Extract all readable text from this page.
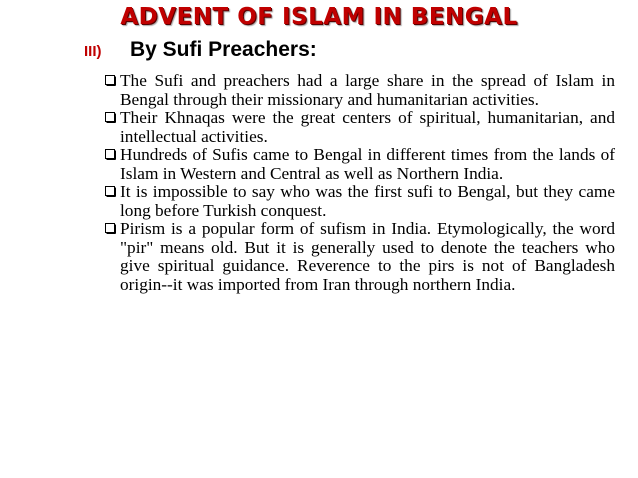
ADVENT OF ISLAM IN BENGAL
III)	By Sufi Preachers:
The Sufi and preachers had a large share in the spread of Islam in Bengal through their missionary and humanitarian activities.
Their Khnaqas were the great centers of spiritual, humanitarian, and intellectual activities.
Hundreds of Sufis came to Bengal in different times from the lands of Islam in Western and Central as well as Northern India.
It is impossible to say who was the first sufi to Bengal, but they came long before Turkish conquest.
Pirism is a popular form of sufism in India. Etymologically, the word "pir" means old. But it is generally used to denote the teachers who give spiritual guidance. Reverence to the pirs is not of Bangladesh origin--it was imported from Iran through northern India.
